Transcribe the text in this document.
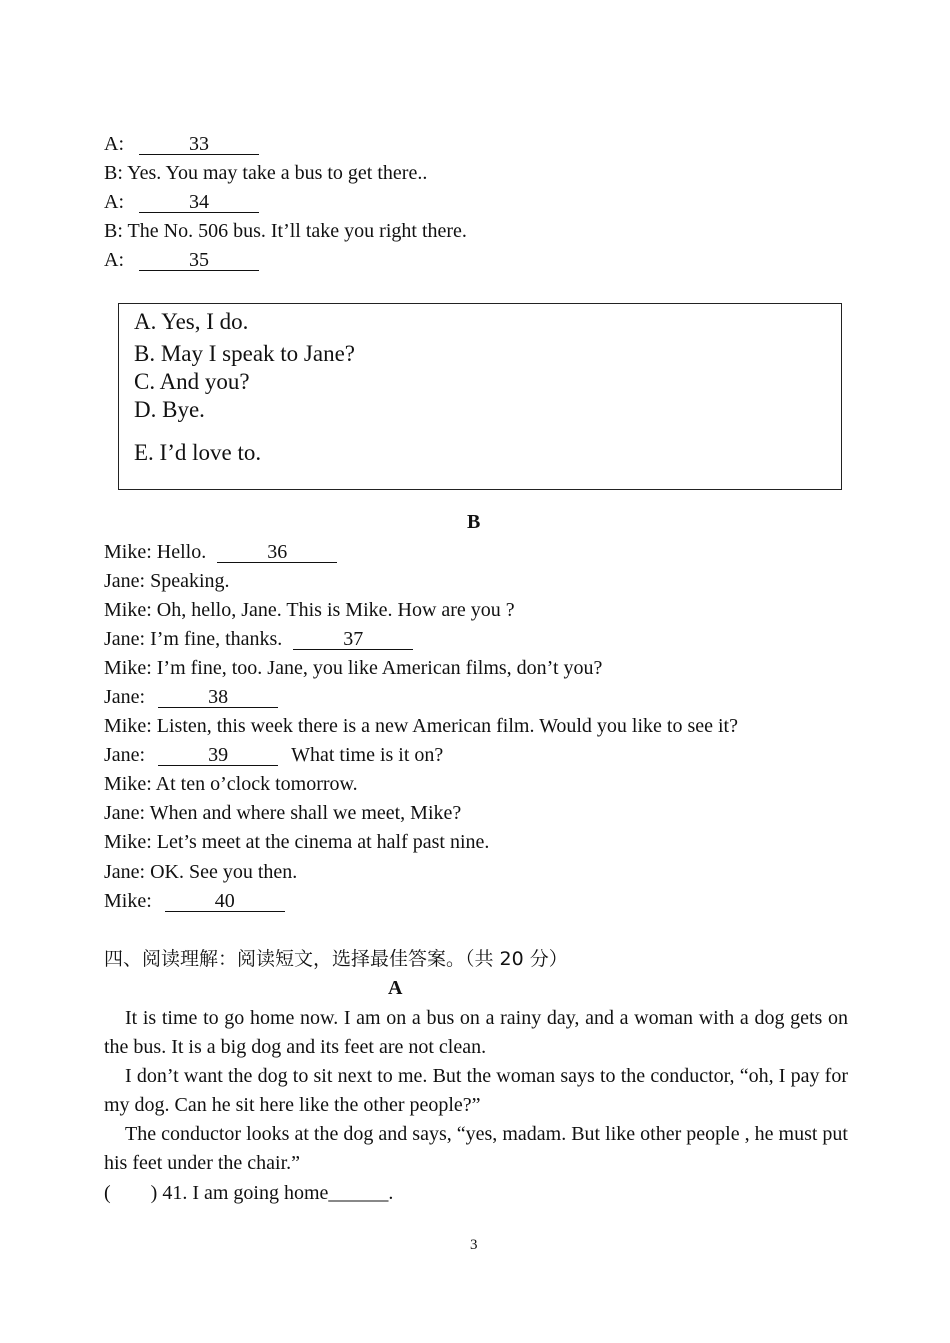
A:	33
B: Yes. You may take a bus to get there..
A:	34
B: The No. 506 bus. It’ll take you right there.
A:	35
A. Yes, I do.
B. May I speak to Jane?
C. And you?
D. Bye.
E. I’d love to.
B
Mike: Hello.	36
Jane: Speaking.
Mike: Oh, hello, Jane. This is Mike. How are you ?
Jane: I’m fine, thanks.	37
Mike: I’m fine, too. Jane, you like American films, don’t you?
Jane:	38
Mike: Listen, this week there is a new American film. Would you like to see it?
Jane:	39	What time is it on?
Mike: At ten o’clock tomorrow.
Jane: When and where shall we meet, Mike?
Mike: Let’s meet at the cinema at half past nine.
Jane: OK. See you then.
Mike:	40
四、阅读理解：阅读短文，选择最佳答案。（共 20 分）
A
It is time to go home now. I am on a bus on a rainy day, and a woman with a dog gets on the bus. It is a big dog and its feet are not clean.
I don’t want the dog to sit next to me. But the woman says to the conductor, “oh, I pay for my dog. Can he sit here like the other people?”
The conductor looks at the dog and says, “yes, madam. But like other people , he must put his feet under the chair.”
(        ) 41. I am going home______.
3
